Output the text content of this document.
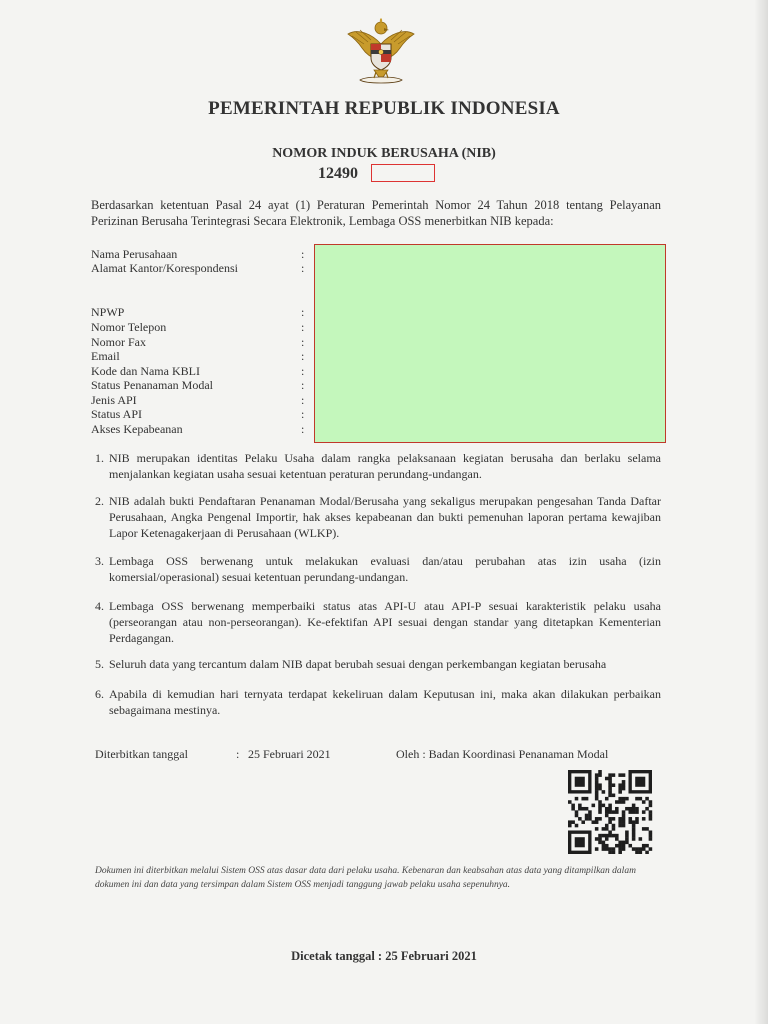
PEMERINTAH REPUBLIK INDONESIA
NOMOR INDUK BERUSAHA (NIB)
12490
Berdasarkan ketentuan Pasal 24 ayat (1) Peraturan Pemerintah Nomor 24 Tahun 2018 tentang Pelayanan Perizinan Berusaha Terintegrasi Secara Elektronik, Lembaga OSS menerbitkan NIB kepada:
Nama Perusahaan	:
Alamat Kantor/Korespondensi	:
NPWP	:
Nomor Telepon	:
Nomor Fax	:
Email	:
Kode dan Nama KBLI	:
Status Penanaman Modal	:
Jenis API	:
Status API	:
Akses Kepabeanan	:
1. NIB merupakan identitas Pelaku Usaha dalam rangka pelaksanaan kegiatan berusaha dan berlaku selama menjalankan kegiatan usaha sesuai ketentuan peraturan perundang-undangan.
2. NIB adalah bukti Pendaftaran Penanaman Modal/Berusaha yang sekaligus merupakan pengesahan Tanda Daftar Perusahaan, Angka Pengenal Importir, hak akses kepabeanan dan bukti pemenuhan laporan pertama kewajiban Lapor Ketenagakerjaan di Perusahaan (WLKP).
3. Lembaga OSS berwenang untuk melakukan evaluasi dan/atau perubahan atas izin usaha (izin komersial/operasional) sesuai ketentuan perundang-undangan.
4. Lembaga OSS berwenang memperbaiki status atas API-U atau API-P sesuai karakteristik pelaku usaha (perseorangan atau non-perseorangan). Ke-efektifan API sesuai dengan standar yang ditetapkan Kementerian Perdagangan.
5. Seluruh data yang tercantum dalam NIB dapat berubah sesuai dengan perkembangan kegiatan berusaha
6. Apabila di kemudian hari ternyata terdapat kekeliruan dalam Keputusan ini, maka akan dilakukan perbaikan sebagaimana mestinya.
Diterbitkan tanggal	: 25 Februari 2021	Oleh : Badan Koordinasi Penanaman Modal
Dokumen ini diterbitkan melalui Sistem OSS atas dasar data dari pelaku usaha. Kebenaran dan keabsahan atas data yang ditampilkan dalam dokumen ini dan data yang tersimpan dalam Sistem OSS menjadi tanggung jawab pelaku usaha sepenuhnya.
Dicetak tanggal : 25 Februari 2021
